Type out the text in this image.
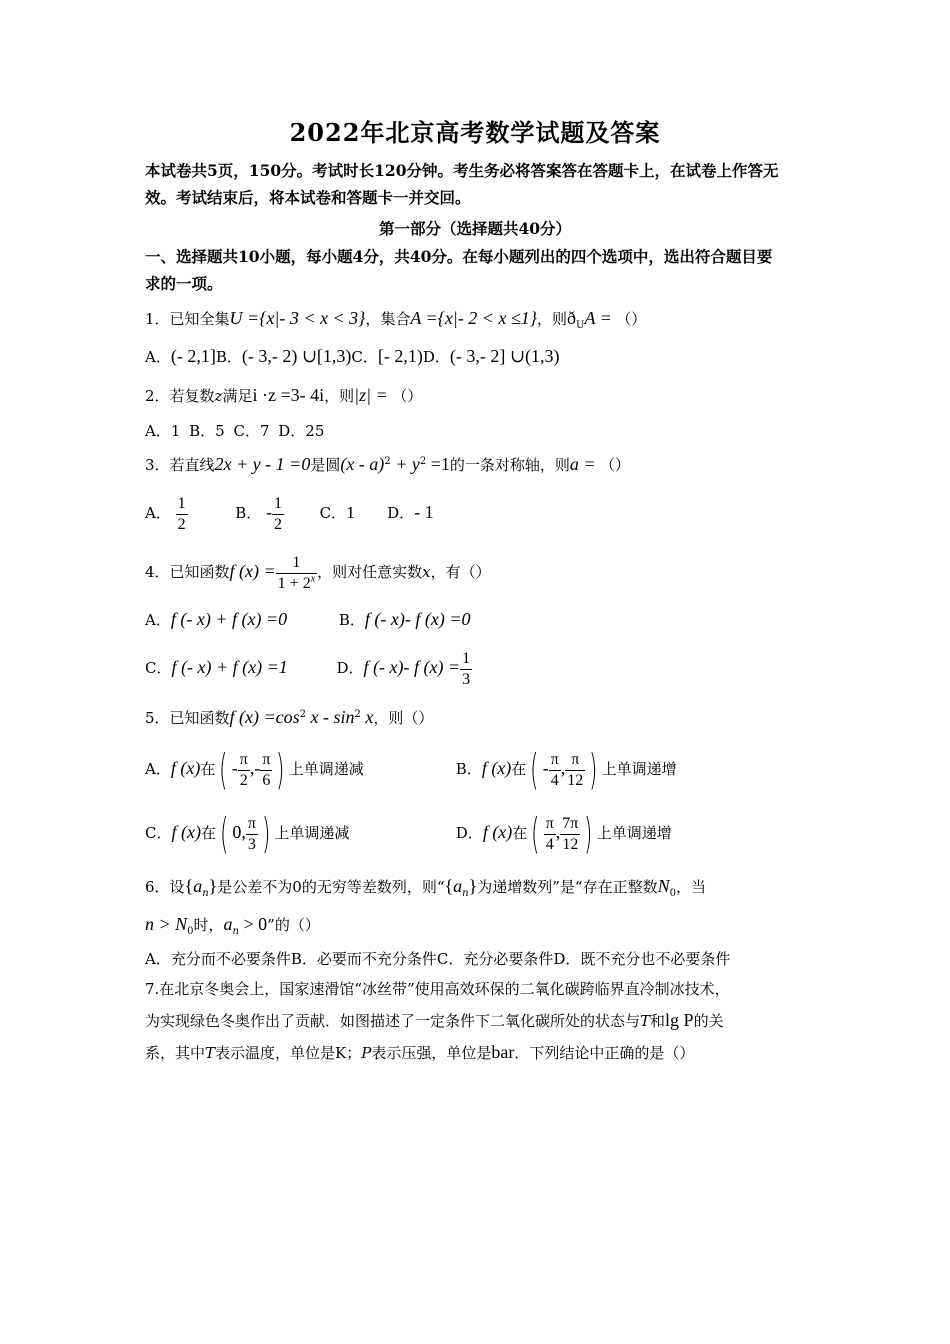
2022年北京高考数学试题及答案
本试卷共5页，150分。考试时长120分钟。考生务必将答案答在答题卡上，在试卷上作答无
效。考试结束后，将本试卷和答题卡一并交回。
第一部分（选择题共40分）
一、选择题共10小题，每小题4分，共40分。在每小题列出的四个选项中，选出符合题目要
求的一项。
1．已知全集U ={x|- 3 < x < 3}，集合A ={x|- 2 < x ≤1}，则$ð_UA$ = （）
A．(- 2,1]B．(- 3,- 2) ∪[1,3)C．[- 2,1)D．(- 3,- 2] ∪(1,3)
2．若复数z满足i ·z =3- 4i，则|z| = （）
A．1 B．5 C．7 D．25
3．若直线2x + y - 1 =0是圆$(x - a)^2 + y^2 =1$的一条对称轴，则a = （）
A． $\frac{1}{2}$	B． - $\frac{1}{2}$ C．1 D．- 1
4．已知函数f $(x) = \frac{1}{1 + 2^x}$ ，则对任意实数x，有（）
A．f (- x) + f (x) =0	B．f (- x)- f (x) =0
C．f (- x) + f (x) =1	D．f (- x)- f $(x) = \frac{1}{3}$
5．已知函数f $(x) =\cos^2$ x - $\sin^2 x$，则（）
A．f (x)在( - $\frac{\pi}{2}$ ,- $\frac{\pi}{6}$ ) 上单调递减	B．f (x)在( - $\frac{\pi}{4}$ , $\frac{\pi}{12}$ ) 上单调递增
C．f (x)在( 0, $\frac{\pi}{3}$ ) 上单调递减	D．f (x)在( $\frac{\pi}{4}$ , $\frac{7\pi}{12}$ ) 上单调递增
6．设$\{a_n\}$是公差不为0的无穷等差数列，则“$\{a_n\}$为递增数列”是“存在正整数$N_0$，当
$n > N_0$时，$a_n > 0$”的（）
A．充分而不必要条件B．必要而不充分条件C．充分必要条件D．既不充分也不必要条件
7.在北京冬奥会上，国家速滑馆“冰丝带”使用高效环保的二氧化碳跨临界直冷制冰技术，
为实现绿色冬奥作出了贡献．如图描述了一定条件下二氧化碳所处的状态与T和lg P的关
系，其中T表示温度，单位是K；P表示压强，单位是bar．下列结论中正确的是（）
